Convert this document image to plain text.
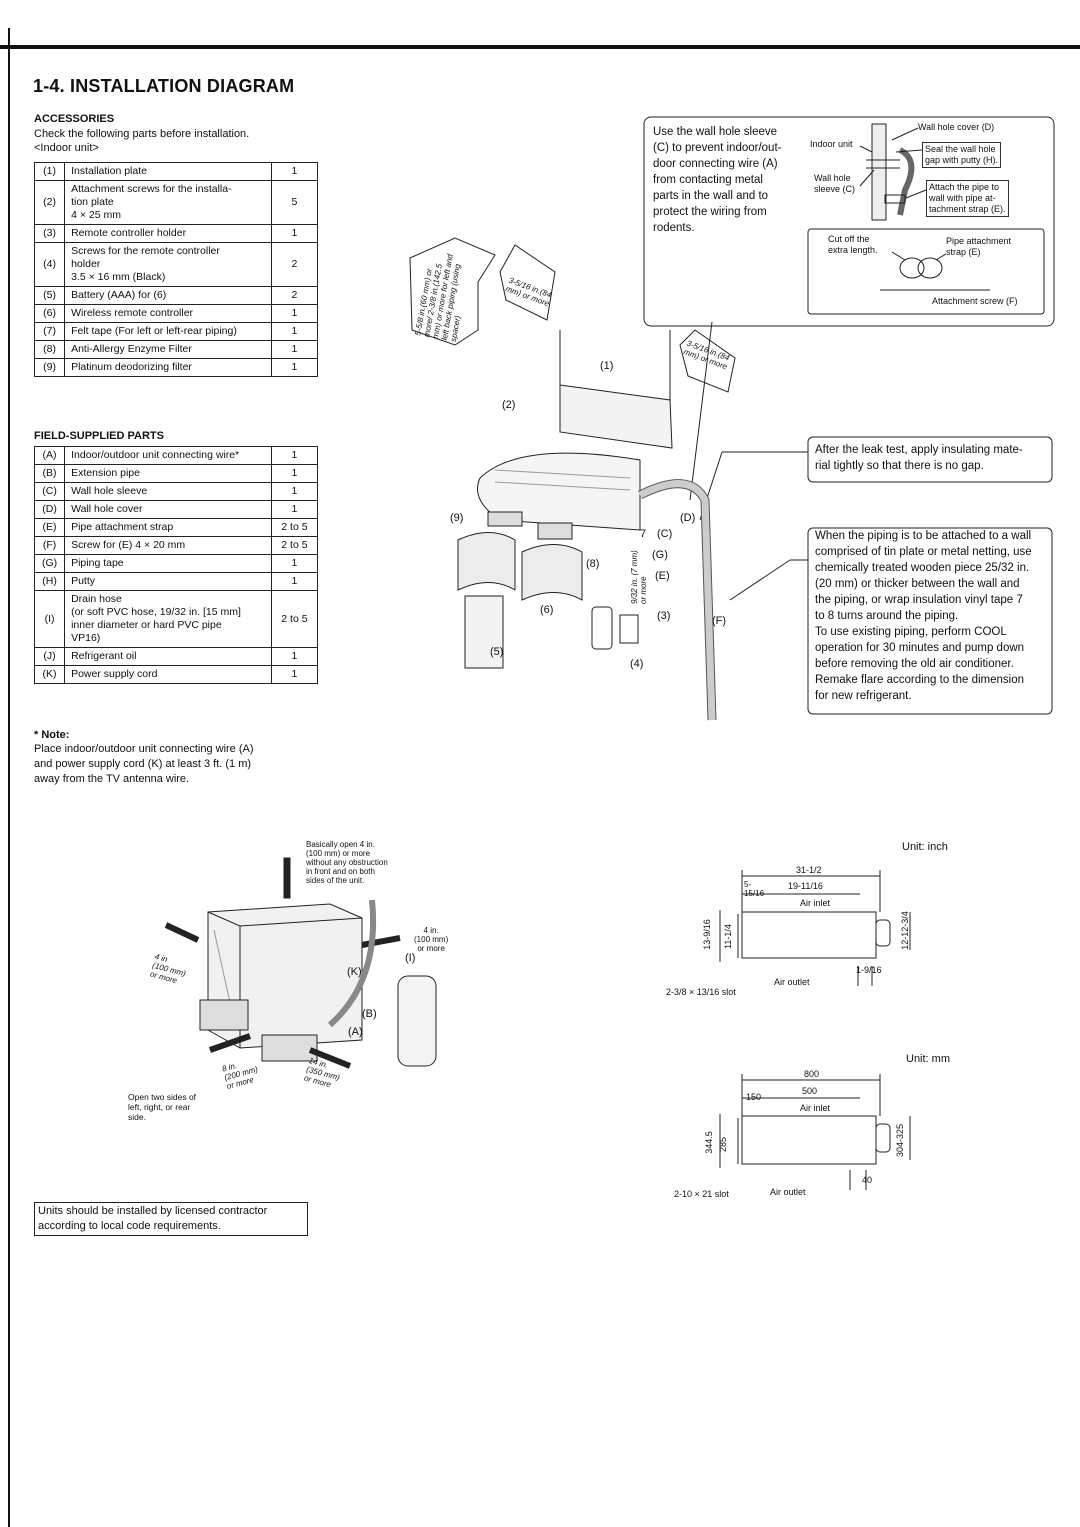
1-4. INSTALLATION DIAGRAM
ACCESSORIES
Check the following parts before installation.
<Indoor unit>
(1)	Installation plate	1
(2)	Attachment screws for the installa-
tion plate
4 × 25 mm	5
(3)	Remote controller holder	1
(4)	Screws for the remote controller
holder
3.5 × 16 mm (Black)	2
(5)	Battery (AAA) for (6)	2
(6)	Wireless remote controller	1
(7)	Felt tape (For left or left-rear piping)	1
(8)	Anti-Allergy Enzyme Filter	1
(9)	Platinum deodorizing filter	1
FIELD-SUPPLIED PARTS
(A)	Indoor/outdoor unit connecting wire*	1
(B)	Extension pipe	1
(C)	Wall hole sleeve	1
(D)	Wall hole cover	1
(E)	Pipe attachment strap	2 to 5
(F)	Screw for (E) 4 × 20 mm	2 to 5
(G)	Piping tape	1
(H)	Putty	1
(I)	Drain hose
(or soft PVC hose, 19/32 in. [15 mm]
inner diameter or hard PVC pipe
VP16)	2 to 5
(J)	Refrigerant oil	1
(K)	Power supply cord	1
* Note:
Place indoor/outdoor unit connecting wire (A)
and power supply cord (K) at least 3 ft. (1 m)
away from the TV antenna wire.
Units should be installed by licensed contractor
according to local code requirements.
Use the wall hole sleeve
(C) to prevent indoor/out-
door connecting wire (A)
from contacting metal
parts in the wall and to
protect the wiring from
rodents.
Indoor unit
Wall hole
sleeve (C)
Wall hole cover (D)
Seal the wall hole
gap with putty (H).
Attach the pipe to
wall with pipe at-
tachment strap (E).
Cut off the
extra length.
Pipe attachment
strap (E)
Attachment screw (F)
After the leak test, apply insulating mate-
rial tightly so that there is no gap.
When the piping is to be attached to a wall
comprised of tin plate or metal netting, use
chemically treated wooden piece 25/32 in.
(20 mm) or thicker between the wall and
the piping, or wrap insulation vinyl tape 7
to 8 turns around the piping.
To use existing piping, perform COOL
operation for 30 minutes and pump down
before removing the old air conditioner.
Remake flare according to the dimension
for new refrigerant.
5-5/8 in.(60 mm) or
more/ 2-3/8 in.(142.5
mm) or more for left and
left back piping (using
spacer)
3-5/16 in.(84
mm) or more
3-5/16 in.(84
mm) or more
9/32 in. (7 mm)
or more
(1)
(2)
(9)
(8)
(6)
(5)
(4)
(3)
7 (C)
(D)
(G)
(E)
(F)
Basically open 4 in.
(100 mm) or more
without any obstruction
in front and on both
sides of the unit.
4 in.
(100 mm)
or more
4 in
(100 mm)
or more
8 in.
(200 mm)
or more
14 in.
(350 mm)
or more
Open two sides of
left, right, or rear
side.
(K)
(I)
(B)
(A)
Unit: inch
31-1/2
19-11/16
5-
15/16
Air inlet
Air outlet
13-9/16 11-1/4	12-12-3/4
1-9/16
2-3/8 × 13/16 slot
Unit: mm
800
500
150
Air inlet
Air outlet
344.5 285	304-325
40
2-10 × 21 slot
